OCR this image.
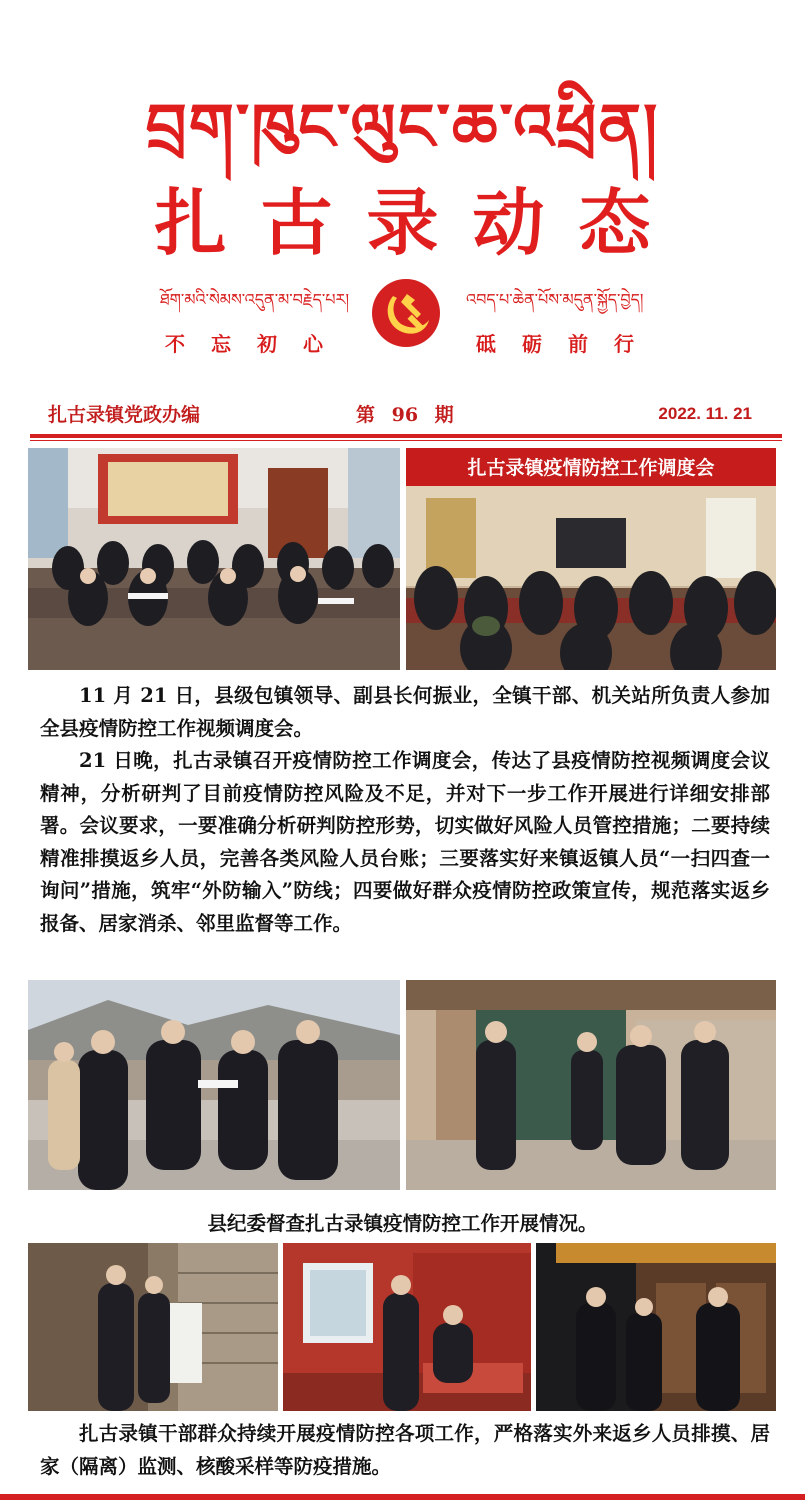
བྲག་ཁུང་ལུང་ཆ་འཕྲིན།
扎古录动态
ཐོག་མའི་སེམས་འདུན་མ་བརྗེད་པར།	འབད་པ་ཆེན་པོས་མདུན་སྐྱོད་བྱེད།
不忘初心	砥砺前行
扎古录镇党政办编	第 96 期	2022. 11. 21
扎古录镇疫情防控工作调度会

11 月 21 日，县级包镇领导、副县长何振业，全镇干部、机关站所负责人参加全县疫情防控工作视频调度会。

21 日晚，扎古录镇召开疫情防控工作调度会，传达了县疫情防控视频调度会议精神，分析研判了目前疫情防控风险及不足，并对下一步工作开展进行详细安排部署。会议要求，一要准确分析研判防控形势，切实做好风险人员管控措施；二要持续精准排摸返乡人员，完善各类风险人员台账；三要落实好来镇返镇人员“一扫四查一询问”措施，筑牢“外防输入”防线；四要做好群众疫情防控政策宣传，规范落实返乡报备、居家消杀、邻里监督等工作。

县纪委督查扎古录镇疫情防控工作开展情况。

扎古录镇干部群众持续开展疫情防控各项工作，严格落实外来返乡人员排摸、居家（隔离）监测、核酸采样等防疫措施。
